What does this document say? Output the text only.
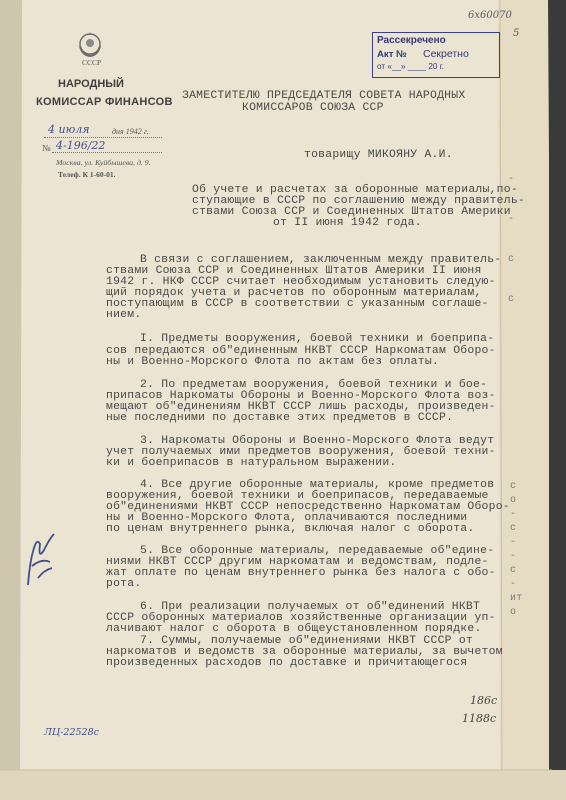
СССР
НАРОДНЫЙ
КОМИССАР ФИНАНСОВ
4 июля	дня 1942 г.
№ 4-196/22
Москва, ул. Куйбышева, д. 9.
Телеф. К 1-60-01.
Рассекречено
Акт № Секретно
от «__» ____ 20 г.
6х60070
5
186с
1188с
ЛЦ-22528с
-
-
с
с
с
о
-
с
-
-
с
-
ит
о
ЗАМЕСТИТЕЛЮ ПРЕДСЕДАТЕЛЯ СОВЕТА НАРОДНЫХ
КОМИССАРОВ СОЮЗА ССР
товарищу МИКОЯНУ А.И.
Об учете и расчетах за оборонные материалы,по-
ступающие в СССР по соглашению между правитель-
ствами Союза ССР и Соединенных Штатов Америки
от II июня 1942 года.
В связи с соглашением, заключенным между правитель-
ствами Союза ССР и Соединенных Штатов Америки II июня
1942 г. НКФ СССР считает необходимым установить следую-
щий порядок учета и расчетов по оборонным материалам,
поступающим в СССР в соответствии с указанным соглаше-
нием.
I. Предметы вооружения, боевой техники и боеприпа-
сов передаются об"единенным НКВТ СССР Наркоматам Оборо-
ны и Военно-Морского Флота по актам без оплаты.
2. По предметам вооружения, боевой техники и бое-
припасов Наркоматы Обороны и Военно-Морского Флота воз-
мещают об"единениям НКВТ СССР лишь расходы, произведен-
ные последними по доставке этих предметов в СССР.
3. Наркоматы Обороны и Военно-Морского Флота ведут
учет получаемых ими предметов вооружения, боевой техни-
ки и боеприпасов в натуральном выражении.
4. Все другие оборонные материалы, кроме предметов
вооружения, боевой техники и боеприпасов, передаваемые
об"единениями НКВТ СССР непосредственно Наркоматам Оборо-
ны и Военно-Морского Флота, оплачиваются последними
по ценам внутреннего рынка, включая налог с оборота.
5. Все оборонные материалы, передаваемые об"едине-
ниями НКВТ СССР другим наркоматам и ведомствам, подле-
жат оплате по ценам внутреннего рынка без налога с обо-
рота.
6. При реализации получаемых от об"единений НКВТ
СССР оборонных материалов хозяйственные организации уп-
лачивают налог с оборота в общеустановленном порядке.
7. Суммы, получаемые об"единениями НКВТ СССР от
наркоматов и ведомств за оборонные материалы, за вычетом
произведенных расходов по доставке и причитающегося
